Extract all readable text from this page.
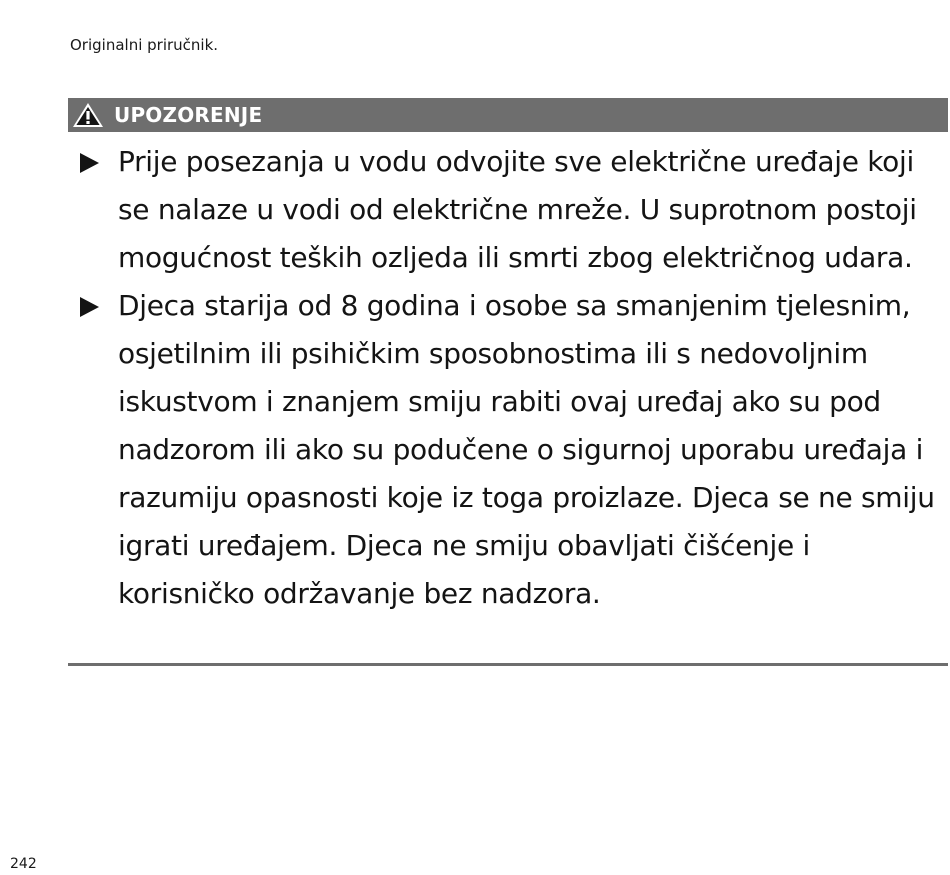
Originalni priručnik.
UPOZORENJE
Prije posezanja u vodu odvojite sve električne uređaje koji se nalaze u vodi od električne mreže. U suprotnom postoji mogućnost teških ozljeda ili smrti zbog električnog udara.
Djeca starija od 8 godina i osobe sa smanjenim tjelesnim, osjetilnim ili psihičkim sposobnostima ili s nedovoljnim iskustvom i znanjem smiju rabiti ovaj uređaj ako su pod nadzorom ili ako su podučene o sigurnoj uporabu uređaja i razumiju opasnosti koje iz toga proizlaze. Djeca se ne smiju igrati uređajem. Djeca ne smiju obavljati čišćenje i korisničko održavanje bez nadzora.
242
